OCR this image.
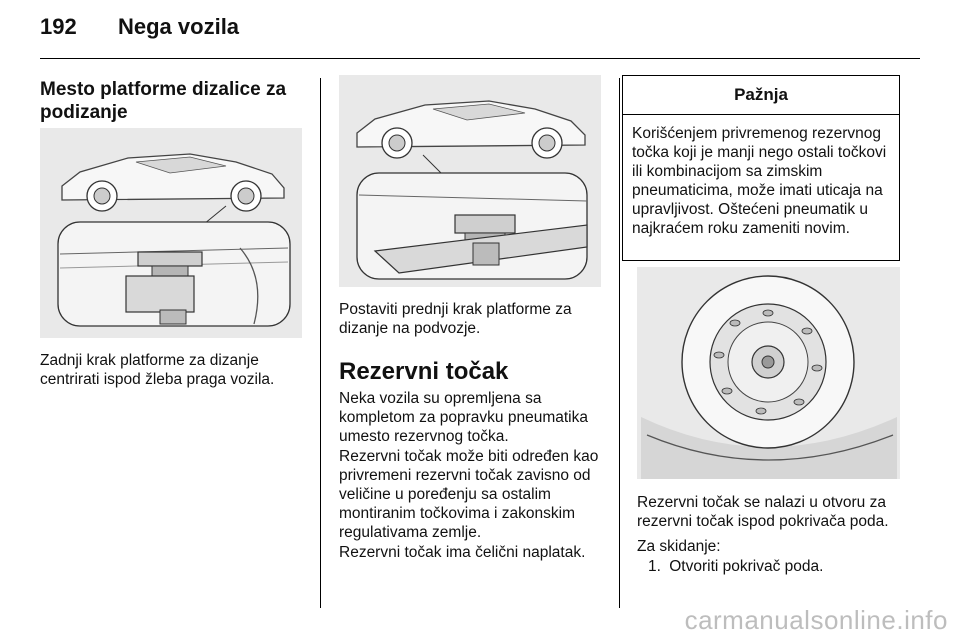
192 Nega vozila
Mesto platforme dizalice za podizanje
Zadnji krak platforme za dizanje centrirati ispod žleba praga vozila.
Postaviti prednji krak platforme za dizanje na podvozje.
Rezervni točak
Neka vozila su opremljena sa kompletom za popravku pneumatika umesto rezervnog točka.
Rezervni točak može biti određen kao privremeni rezervni točak zavisno od veličine u poređenju sa ostalim montiranim točkovima i zakonskim regulativama zemlje.
Rezervni točak ima čelični naplatak.
Pažnja
Korišćenjem privremenog rezervnog točka koji je manji nego ostali točkovi ili kombinacijom sa zimskim pneumaticima, može imati uticaja na upravljivost. Oštećeni pneumatik u najkraćem roku zameniti novim.
Rezervni točak se nalazi u otvoru za rezervni točak ispod pokrivača poda.
Za skidanje:
1. Otvoriti pokrivač poda.
carmanualsonline.info
